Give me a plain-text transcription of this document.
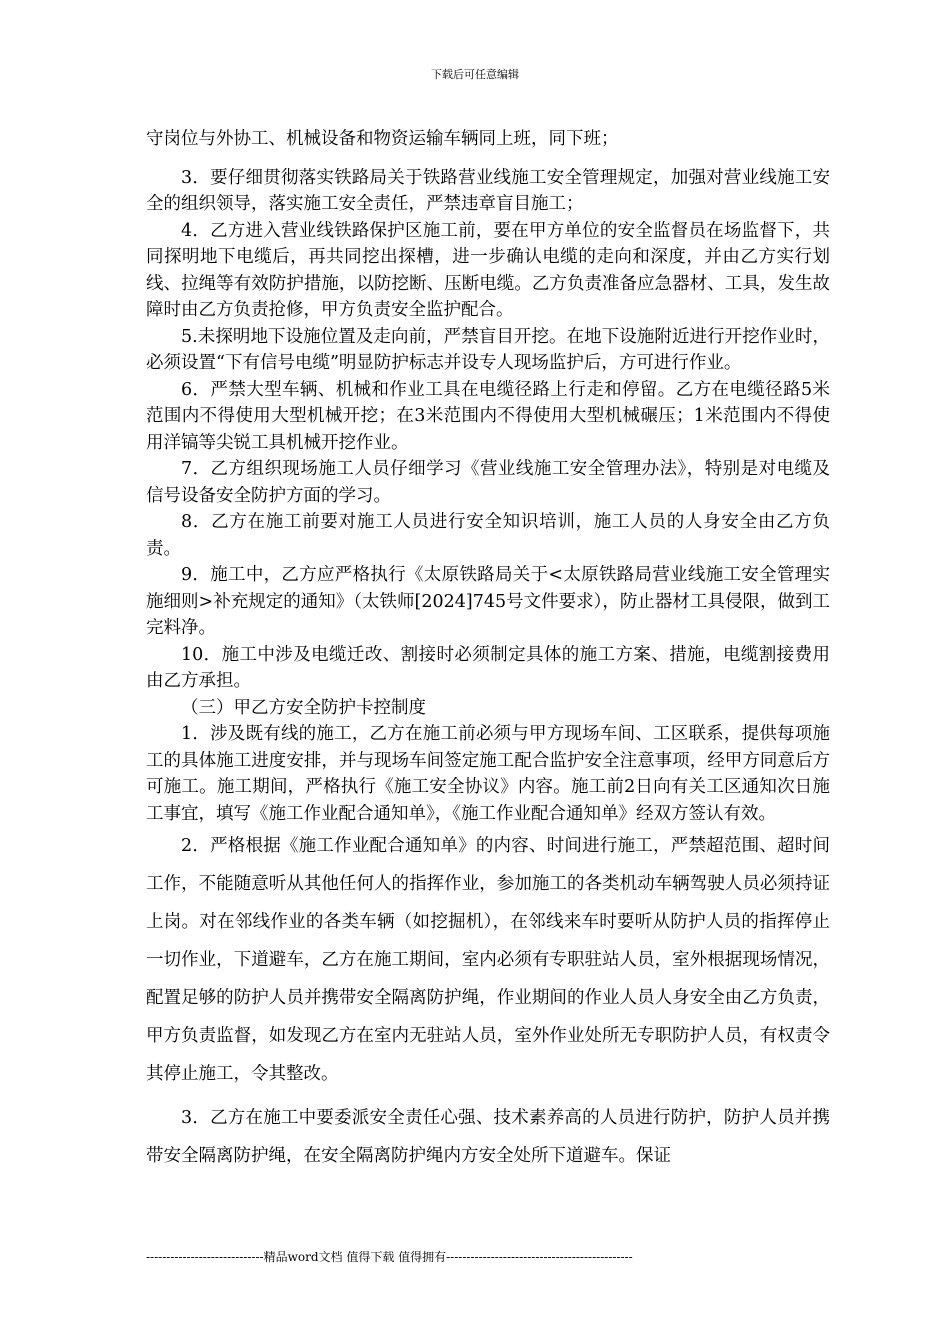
下载后可任意编辑

守岗位与外协工、机械设备和物资运输车辆同上班，同下班；

3．要仔细贯彻落实铁路局关于铁路营业线施工安全管理规定，加强对营业线施工安全的组织领导，落实施工安全责任，严禁违章盲目施工；

4．乙方进入营业线铁路保护区施工前，要在甲方单位的安全监督员在场监督下，共同探明地下电缆后，再共同挖出探槽，进一步确认电缆的走向和深度，并由乙方实行划线、拉绳等有效防护措施，以防挖断、压断电缆。乙方负责准备应急器材、工具，发生故障时由乙方负责抢修，甲方负责安全监护配合。

5.未探明地下设施位置及走向前，严禁盲目开挖。在地下设施附近进行开挖作业时，必须设置“下有信号电缆”明显防护标志并设专人现场监护后，方可进行作业。

6．严禁大型车辆、机械和作业工具在电缆径路上行走和停留。乙方在电缆径路5米范围内不得使用大型机械开挖；在3米范围内不得使用大型机械碾压；1米范围内不得使用洋镐等尖锐工具机械开挖作业。

7．乙方组织现场施工人员仔细学习《营业线施工安全管理办法》，特别是对电缆及信号设备安全防护方面的学习。

8．乙方在施工前要对施工人员进行安全知识培训，施工人员的人身安全由乙方负责。

9．施工中，乙方应严格执行《太原铁路局关于<太原铁路局营业线施工安全管理实施细则>补充规定的通知》（太铁师[2024]745号文件要求），防止器材工具侵限，做到工完料净。

10．施工中涉及电缆迁改、割接时必须制定具体的施工方案、措施，电缆割接费用由乙方承担。

（三）甲乙方安全防护卡控制度

1．涉及既有线的施工，乙方在施工前必须与甲方现场车间、工区联系，提供每项施工的具体施工进度安排，并与现场车间签定施工配合监护安全注意事项，经甲方同意后方可施工。施工期间，严格执行《施工安全协议》内容。施工前2日向有关工区通知次日施工事宜，填写《施工作业配合通知单》，《施工作业配合通知单》经双方签认有效。

2．严格根据《施工作业配合通知单》的内容、时间进行施工，严禁超范围、超时间工作，不能随意听从其他任何人的指挥作业，参加施工的各类机动车辆驾驶人员必须持证上岗。对在邻线作业的各类车辆（如挖掘机），在邻线来车时要听从防护人员的指挥停止一切作业，下道避车，乙方在施工期间，室内必须有专职驻站人员，室外根据现场情况，配置足够的防护人员并携带安全隔离防护绳，作业期间的作业人员人身安全由乙方负责，甲方负责监督，如发现乙方在室内无驻站人员，室外作业处所无专职防护人员，有权责令其停止施工，令其整改。

3．乙方在施工中要委派安全责任心强、技术素养高的人员进行防护，防护人员并携带安全隔离防护绳，在安全隔离防护绳内方安全处所下道避车。保证

-----------------------------精品word文档 值得下载 值得拥有----------------------------------------------
